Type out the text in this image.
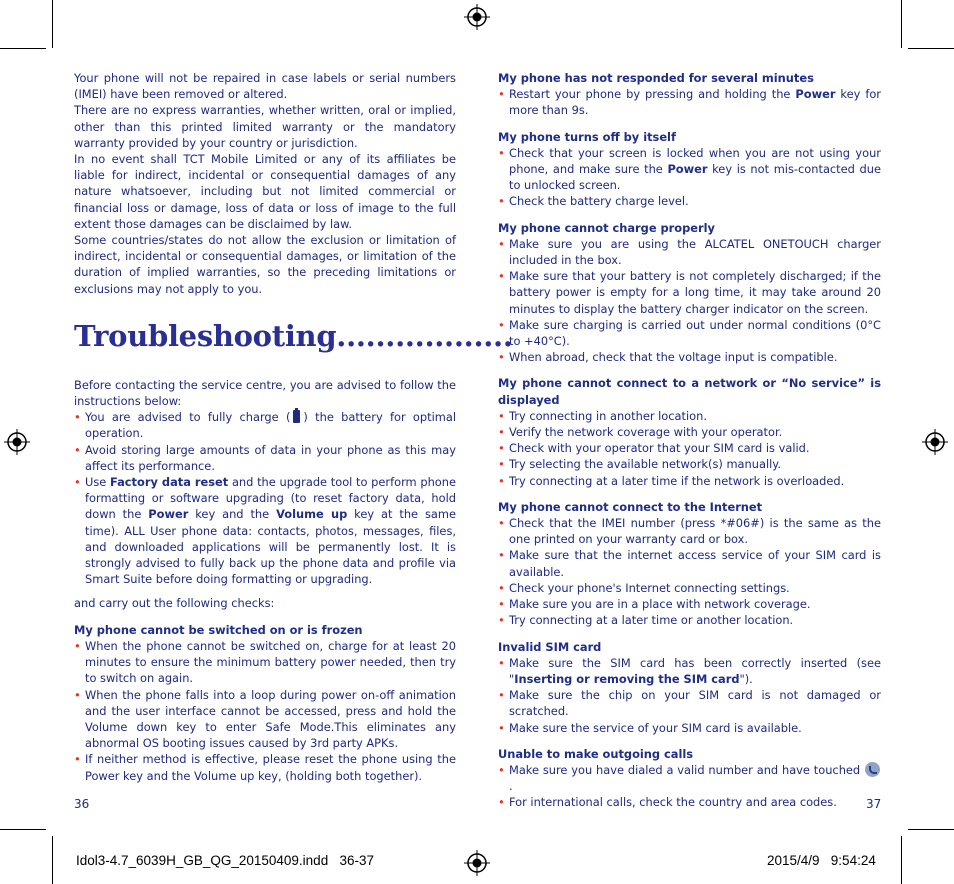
Your phone will not be repaired in case labels or serial numbers (IMEI) have been removed or altered.

There are no express warranties, whether written, oral or implied, other than this printed limited warranty or the mandatory warranty provided by your country or jurisdiction.

In no event shall TCT Mobile Limited or any of its affiliates be liable for indirect, incidental or consequential damages of any nature whatsoever, including but not limited commercial or financial loss or damage, loss of data or loss of image to the full extent those damages can be disclaimed by law.

Some countries/states do not allow the exclusion or limitation of indirect, incidental or consequential damages, or limitation of the duration of implied warranties, so the preceding limitations or exclusions may not apply to you.

Troubleshooting..................

Before contacting the service centre, you are advised to follow the instructions below:

• You are advised to fully charge ( ) the battery for optimal operation.
• Avoid storing large amounts of data in your phone as this may affect its performance.
• Use Factory data reset and the upgrade tool to perform phone formatting or software upgrading (to reset factory data, hold down the Power key and the Volume up key at the same time). ALL User phone data: contacts, photos, messages, files, and downloaded applications will be permanently lost. It is strongly advised to fully back up the phone data and profile via Smart Suite before doing formatting or upgrading.

and carry out the following checks:

My phone cannot be switched on or is frozen
• When the phone cannot be switched on, charge for at least 20 minutes to ensure the minimum battery power needed, then try to switch on again.
• When the phone falls into a loop during power on-off animation and the user interface cannot be accessed, press and hold the Volume down key to enter Safe Mode.This eliminates any abnormal OS booting issues caused by 3rd party APKs.
• If neither method is effective, please reset the phone using the Power key and the Volume up key, (holding both together).
36
My phone has not responded for several minutes
• Restart your phone by pressing and holding the Power key for more than 9s.
My phone turns off by itself
• Check that your screen is locked when you are not using your phone, and make sure the Power key is not mis-contacted due to unlocked screen.
• Check the battery charge level.
My phone cannot charge properly
• Make sure you are using the ALCATEL ONETOUCH charger included in the box.
• Make sure that your battery is not completely discharged; if the battery power is empty for a long time, it may take around 20 minutes to display the battery charger indicator on the screen.
• Make sure charging is carried out under normal conditions (0°C to +40°C).
• When abroad, check that the voltage input is compatible.
My phone cannot connect to a network or “No service” is displayed
• Try connecting in another location.
• Verify the network coverage with your operator.
• Check with your operator that your SIM card is valid.
• Try selecting the available network(s) manually.
• Try connecting at a later time if the network is overloaded.
My phone cannot connect to the Internet
• Check that the IMEI number (press *#06#) is the same as the one printed on your warranty card or box.
• Make sure that the internet access service of your SIM card is available.
• Check your phone's Internet connecting settings.
• Make sure you are in a place with network coverage.
• Try connecting at a later time or another location.
Invalid SIM card
• Make sure the SIM card has been correctly inserted (see "Inserting or removing the SIM card").
• Make sure the chip on your SIM card is not damaged or scratched.
• Make sure the service of your SIM card is available.
Unable to make outgoing calls
• Make sure you have dialed a valid number and have touched .
• For international calls, check the country and area codes.	37
Idol3-4.7_6039H_GB_QG_20150409.indd   36-37	2015/4/9   9:54:24
